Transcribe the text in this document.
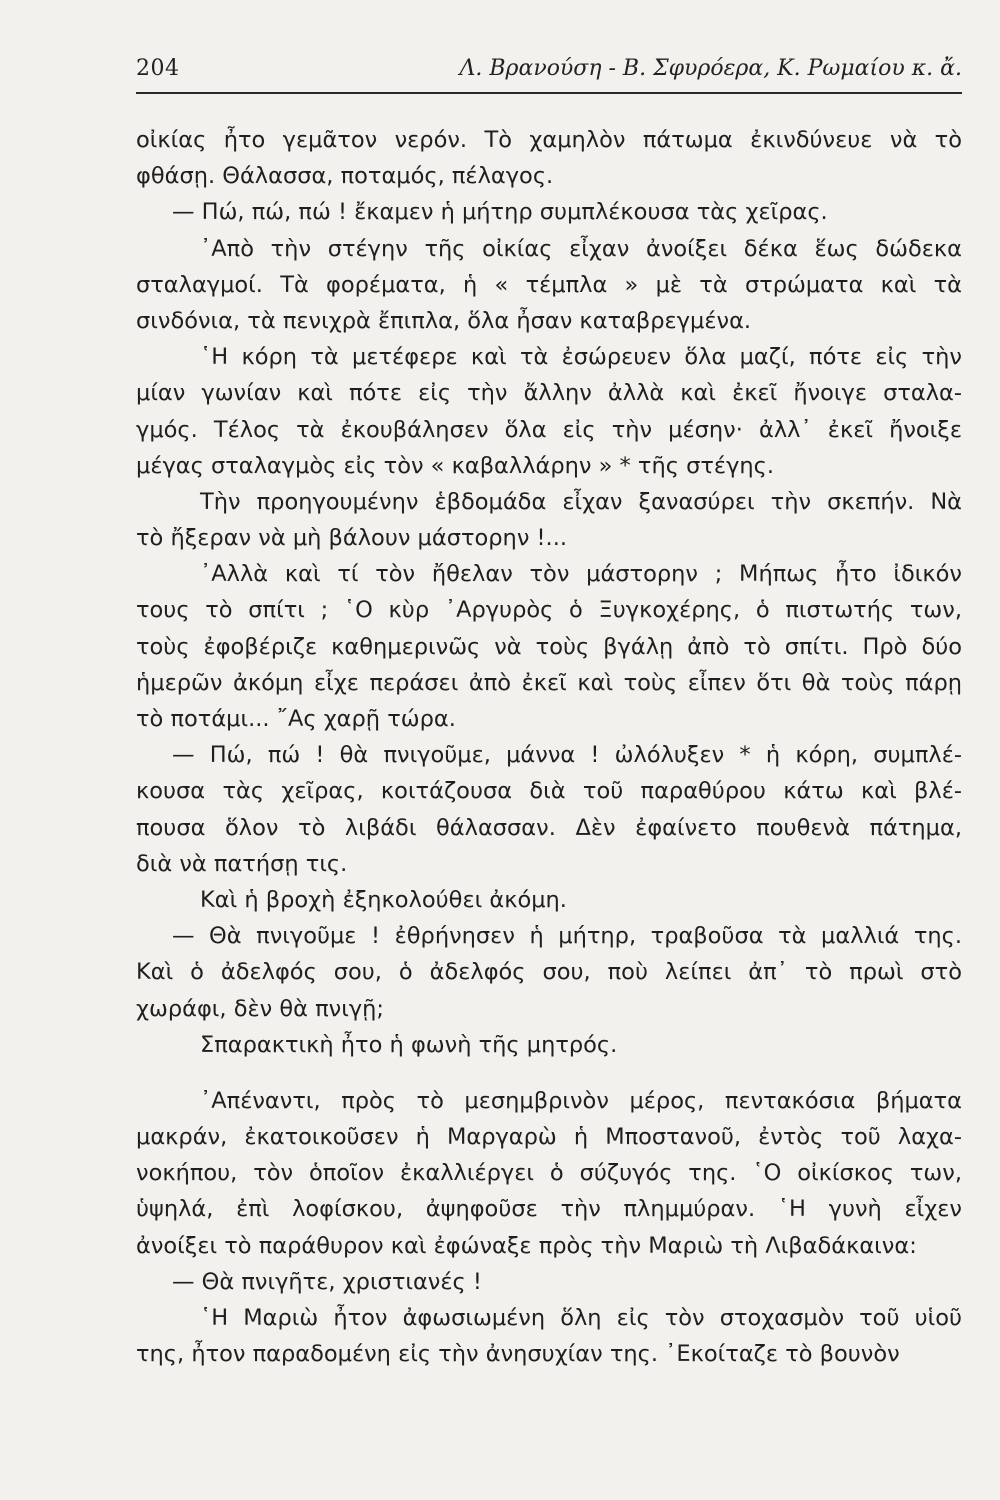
204	Λ. Βρανούση - Β. Σφυρόερα, Κ. Ρωμαίου κ. ἄ.
οἰκίας ἦτο γεμᾶτον νερόν. Τὸ χαμηλὸν πάτωμα ἐκινδύνευε νὰ τὸ
φθάσῃ. Θάλασσα, ποταμός, πέλαγος.
— Πώ, πώ, πώ ! ἔκαμεν ἡ μήτηρ συμπλέκουσα τὰς χεῖρας.
᾿Απὸ τὴν στέγην τῆς οἰκίας εἶχαν ἀνοίξει δέκα ἕως δώδεκα
σταλαγμοί. Τὰ φορέματα, ἡ « τέμπλα » μὲ τὰ στρώματα καὶ τὰ
σινδόνια, τὰ πενιχρὰ ἔπιπλα, ὅλα ἦσαν καταβρεγμένα.
῾Η κόρη τὰ μετέφερε καὶ τὰ ἐσώρευεν ὅλα μαζί, πότε εἰς τὴν
μίαν γωνίαν καὶ πότε εἰς τὴν ἄλλην ἀλλὰ καὶ ἐκεῖ ἤνοιγε σταλα-
γμός. Τέλος τὰ ἐκουβάλησεν ὅλα εἰς τὴν μέσην· ἀλλ᾿ ἐκεῖ ἤνοιξε
μέγας σταλαγμὸς εἰς τὸν « καβαλλάρην » * τῆς στέγης.
Τὴν προηγουμένην ἑβδομάδα εἶχαν ξανασύρει τὴν σκεπήν. Νὰ
τὸ ἤξεραν νὰ μὴ βάλουν μάστορην !...
᾿Αλλὰ καὶ τί τὸν ἤθελαν τὸν μάστορην ; Μήπως ἦτο ἰδικόν
τους τὸ σπίτι ; ῾Ο κὺρ ᾿Αργυρὸς ὁ Ξυγκοχέρης, ὁ πιστωτής των,
τοὺς ἐφοβέριζε καθημερινῶς νὰ τοὺς βγάλῃ ἀπὸ τὸ σπίτι. Πρὸ δύο
ἡμερῶν ἀκόμη εἶχε περάσει ἀπὸ ἐκεῖ καὶ τοὺς εἶπεν ὅτι θὰ τοὺς πάρῃ
τὸ ποτάμι... ῎Ας χαρῇ τώρα.
— Πώ, πώ ! θὰ πνιγοῦμε, μάννα ! ὠλόλυξεν * ἡ κόρη, συμπλέ-
κουσα τὰς χεῖρας, κοιτάζουσα διὰ τοῦ παραθύρου κάτω καὶ βλέ-
πουσα ὅλον τὸ λιβάδι θάλασσαν. Δὲν ἐφαίνετο πουθενὰ πάτημα,
διὰ νὰ πατήσῃ τις.
Καὶ ἡ βροχὴ ἐξηκολούθει ἀκόμη.
— Θὰ πνιγοῦμε ! ἐθρήνησεν ἡ μήτηρ, τραβοῦσα τὰ μαλλιά της.
Καὶ ὁ ἀδελφός σου, ὁ ἀδελφός σου, ποὺ λείπει ἀπ᾿ τὸ πρωὶ στὸ
χωράφι, δὲν θὰ πνιγῇ;
Σπαρακτικὴ ἦτο ἡ φωνὴ τῆς μητρός.
᾿Απέναντι, πρὸς τὸ μεσημβρινὸν μέρος, πεντακόσια βήματα
μακράν, ἐκατοικοῦσεν ἡ Μαργαρὼ ἡ Μποστανοῦ, ἐντὸς τοῦ λαχα-
νοκήπου, τὸν ὁποῖον ἐκαλλιέργει ὁ σύζυγός της. ῾Ο οἰκίσκος των,
ὑψηλά, ἐπὶ λοφίσκου, ἀψηφοῦσε τὴν πλημμύραν. ῾Η γυνὴ εἶχεν
ἀνοίξει τὸ παράθυρον καὶ ἐφώναξε πρὸς τὴν Μαριὼ τὴ Λιβαδάκαινα:
— Θὰ πνιγῆτε, χριστιανές !
῾Η Μαριὼ ἦτον ἀφωσιωμένη ὅλη εἰς τὸν στοχασμὸν τοῦ υἱοῦ
της, ἦτον παραδομένη εἰς τὴν ἀνησυχίαν της. ᾿Εκοίταζε τὸ βουνὸν
